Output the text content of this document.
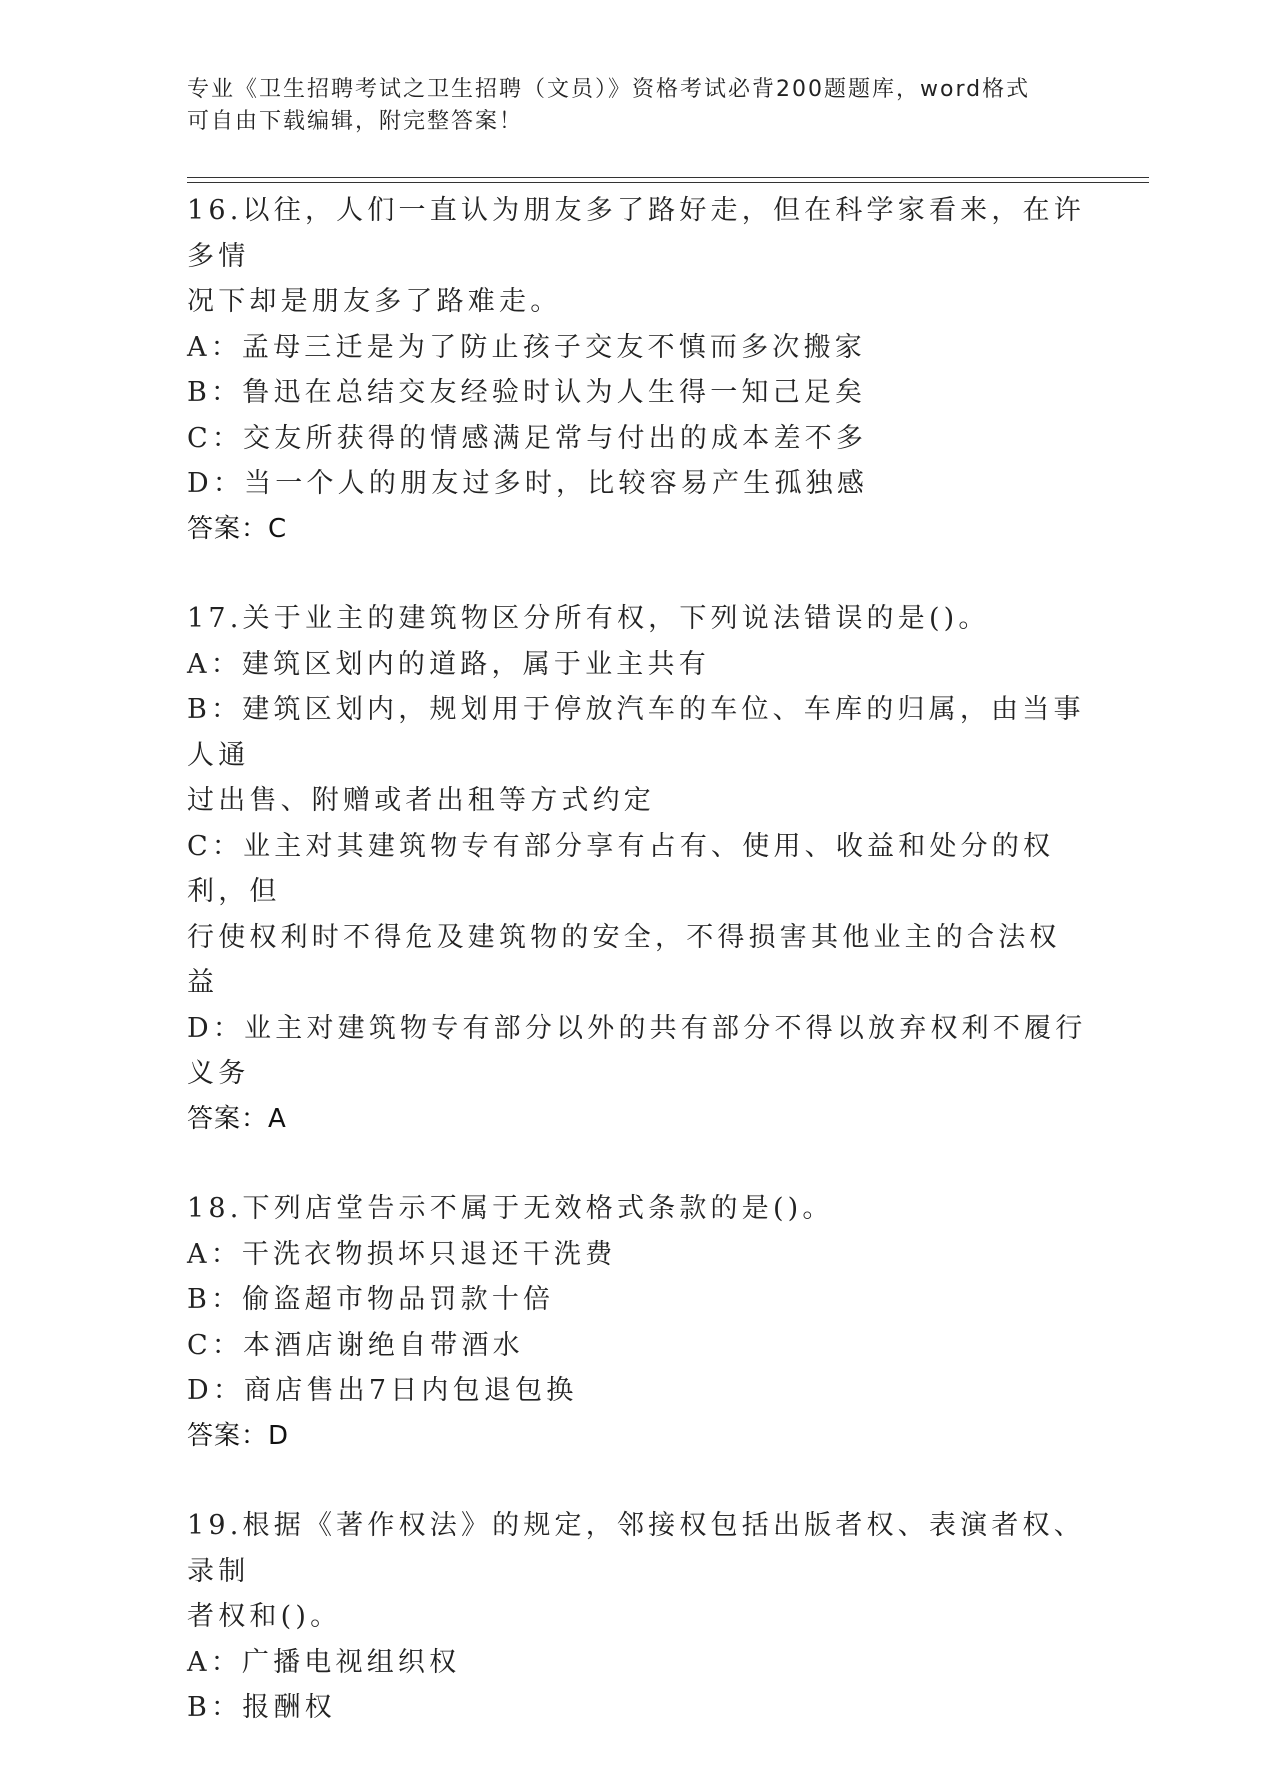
专业《卫生招聘考试之卫生招聘（文员）》资格考试必背200题题库，word格式
可自由下载编辑，附完整答案！
16.以往，人们一直认为朋友多了路好走，但在科学家看来，在许多情
况下却是朋友多了路难走。
A：孟母三迁是为了防止孩子交友不慎而多次搬家
B：鲁迅在总结交友经验时认为人生得一知己足矣
C：交友所获得的情感满足常与付出的成本差不多
D：当一个人的朋友过多时，比较容易产生孤独感
答案：C
17.关于业主的建筑物区分所有权，下列说法错误的是()。
A：建筑区划内的道路，属于业主共有
B：建筑区划内，规划用于停放汽车的车位、车库的归属，由当事人通
过出售、附赠或者出租等方式约定
C：业主对其建筑物专有部分享有占有、使用、收益和处分的权利，但
行使权利时不得危及建筑物的安全，不得损害其他业主的合法权益
D：业主对建筑物专有部分以外的共有部分不得以放弃权利不履行义务
答案：A
18.下列店堂告示不属于无效格式条款的是()。
A：干洗衣物损坏只退还干洗费
B：偷盗超市物品罚款十倍
C：本酒店谢绝自带酒水
D：商店售出7日内包退包换
答案：D
19.根据《著作权法》的规定，邻接权包括出版者权、表演者权、录制
者权和()。
A：广播电视组织权
B：报酬权
